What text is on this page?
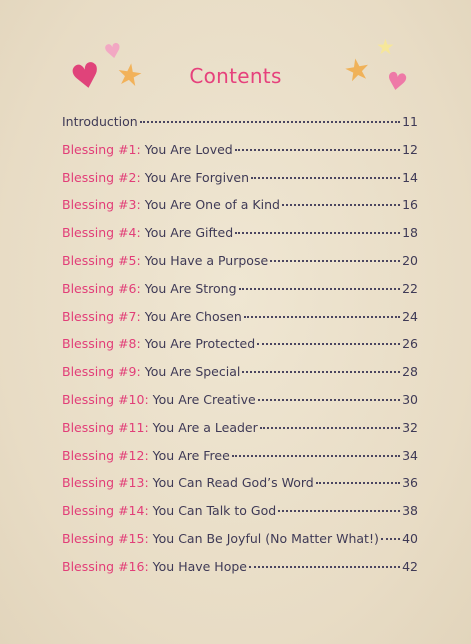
♥
♥
★	★
★
♥
Contents
Introduction	11
Blessing #1: You Are Loved	12
Blessing #2: You Are Forgiven	14
Blessing #3: You Are One of a Kind	16
Blessing #4: You Are Gifted	18
Blessing #5: You Have a Purpose	20
Blessing #6: You Are Strong	22
Blessing #7: You Are Chosen	24
Blessing #8: You Are Protected	26
Blessing #9: You Are Special	28
Blessing #10: You Are Creative	30
Blessing #11: You Are a Leader	32
Blessing #12: You Are Free	34
Blessing #13: You Can Read God’s Word	36
Blessing #14: You Can Talk to God	38
Blessing #15: You Can Be Joyful (No Matter What!) 40
Blessing #16: You Have Hope	42
